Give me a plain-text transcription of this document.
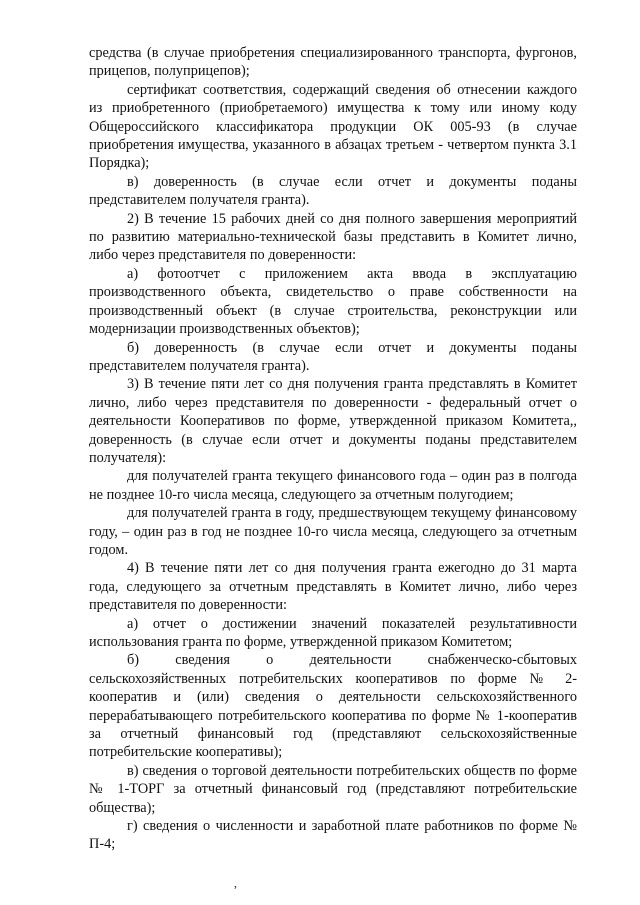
средства (в случае приобретения специализированного транспорта, фургонов, прицепов, полуприцепов);

сертификат соответствия, содержащий сведения об отнесении каждого из приобретенного (приобретаемого) имущества к тому или иному коду Общероссийского классификатора продукции ОК 005-93 (в случае приобретения имущества, указанного в абзацах третьем - четвертом пункта 3.1 Порядка);

в) доверенность (в случае если отчет и документы поданы представителем получателя гранта).

2) В течение 15 рабочих дней со дня полного завершения мероприятий по развитию материально-технической базы представить в Комитет лично, либо через представителя по доверенности:

а) фотоотчет с приложением акта ввода в эксплуатацию производственного объекта, свидетельство о праве собственности на производственный объект (в случае строительства, реконструкции или модернизации производственных объектов);

б) доверенность (в случае если отчет и документы поданы представителем получателя гранта).

3) В течение пяти лет со дня получения гранта представлять в Комитет лично, либо через представителя по доверенности - федеральный отчет о деятельности Кооперативов по форме, утвержденной приказом Комитета,, доверенность (в случае если отчет и документы поданы представителем получателя):

для получателей гранта текущего финансового года – один раз в полгода не позднее 10-го числа месяца, следующего за отчетным полугодием;

для получателей гранта в году, предшествующем текущему финансовому году, – один раз в год не позднее 10-го числа месяца, следующего за отчетным годом.

4) В течение пяти лет со дня получения гранта ежегодно до 31 марта года, следующего за отчетным представлять в Комитет лично, либо через представителя по доверенности:

а) отчет о достижении значений показателей результативности использования гранта по форме, утвержденной приказом Комитетом;

б) сведения о деятельности снабженческо-сбытовых сельскохозяйственных потребительских кооперативов по форме № 2-кооператив и (или) сведения о деятельности сельскохозяйственного перерабатывающего потребительского кооператива по форме № 1-кооператив за отчетный финансовый год (представляют сельскохозяйственные потребительские кооперативы);

в) сведения о торговой деятельности потребительских обществ по форме № 1-ТОРГ за отчетный финансовый год (представляют потребительские общества);

г) сведения о численности и заработной плате работников по форме № П-4;

,
